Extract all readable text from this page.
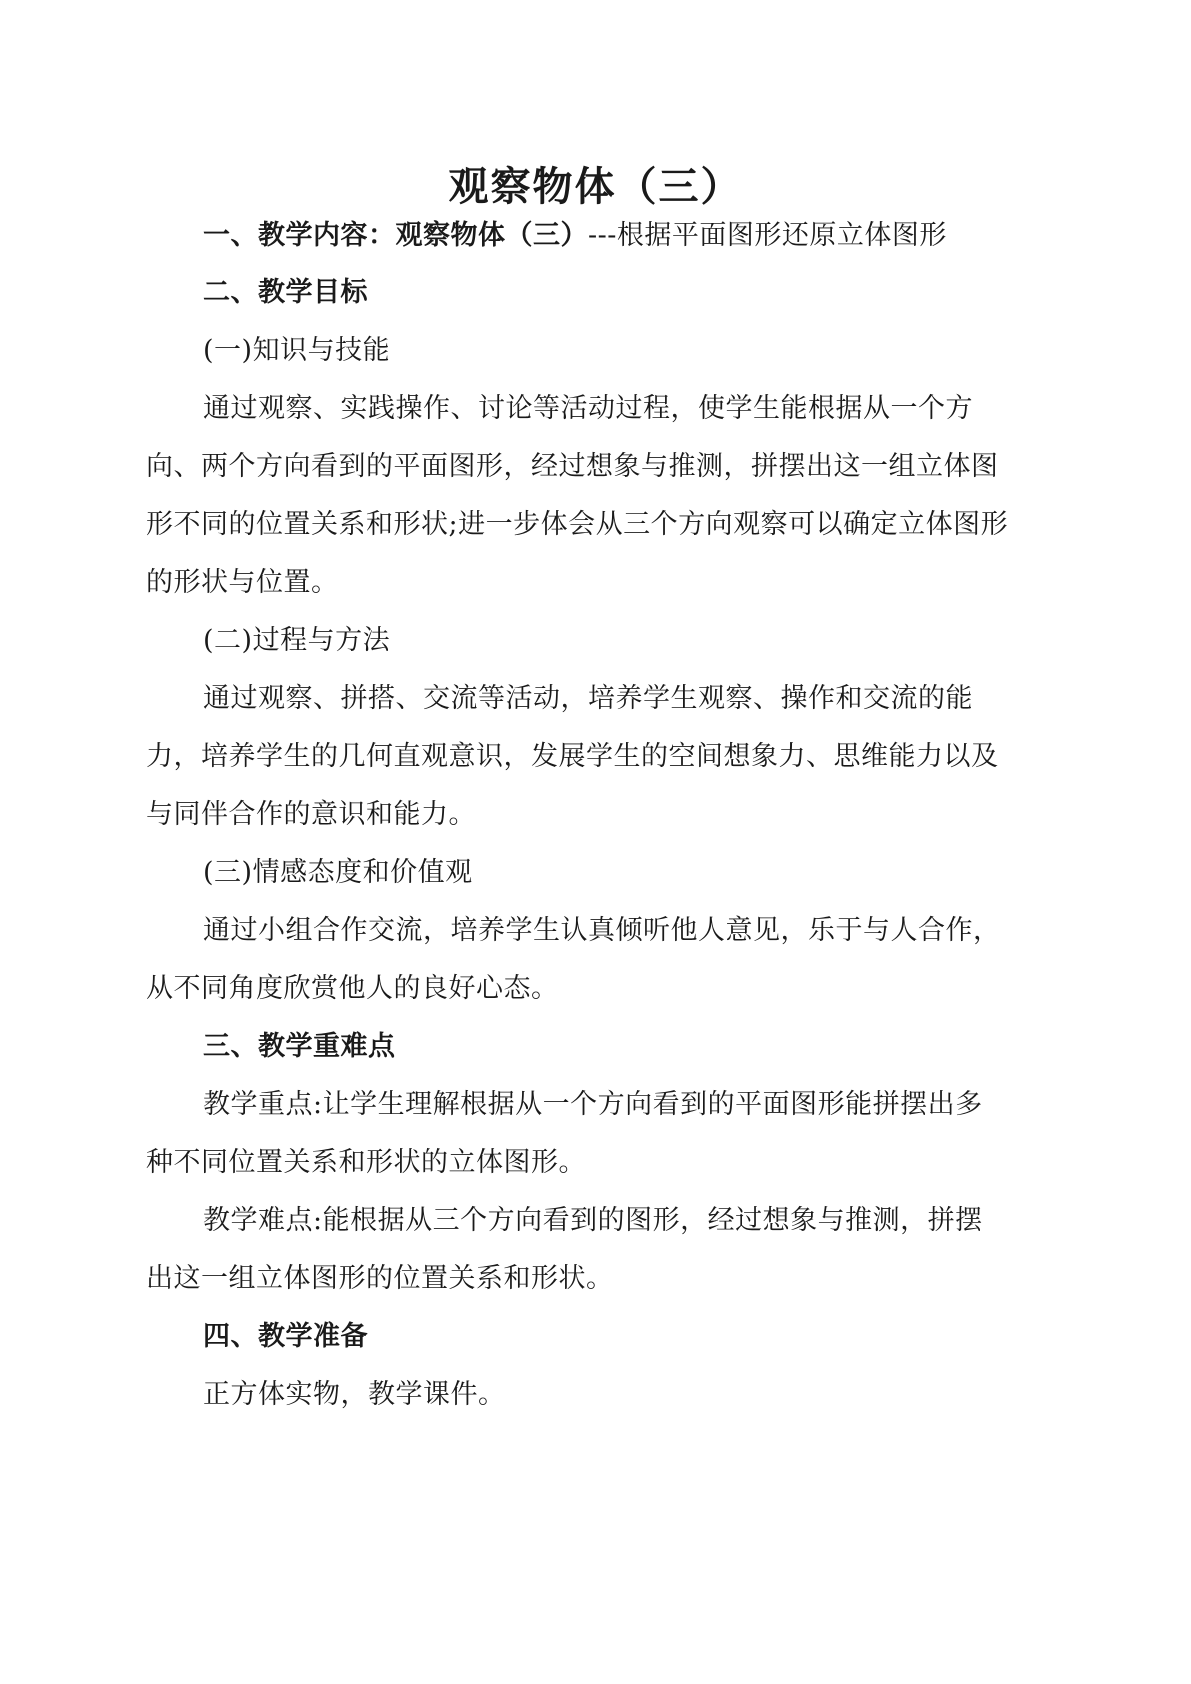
观察物体（三）
一、教学内容：观察物体（三）---根据平面图形还原立体图形
二、教学目标
(一)知识与技能
通过观察、实践操作、讨论等活动过程，使学生能根据从一个方
向、两个方向看到的平面图形，经过想象与推测，拼摆出这一组立体图
形不同的位置关系和形状;进一步体会从三个方向观察可以确定立体图形
的形状与位置。
(二)过程与方法
通过观察、拼搭、交流等活动，培养学生观察、操作和交流的能
力，培养学生的几何直观意识，发展学生的空间想象力、思维能力以及
与同伴合作的意识和能力。
(三)情感态度和价值观
通过小组合作交流，培养学生认真倾听他人意见，乐于与人合作，
从不同角度欣赏他人的良好心态。
三、教学重难点
教学重点:让学生理解根据从一个方向看到的平面图形能拼摆出多
种不同位置关系和形状的立体图形。
教学难点:能根据从三个方向看到的图形，经过想象与推测，拼摆
出这一组立体图形的位置关系和形状。
四、教学准备
正方体实物，教学课件。
